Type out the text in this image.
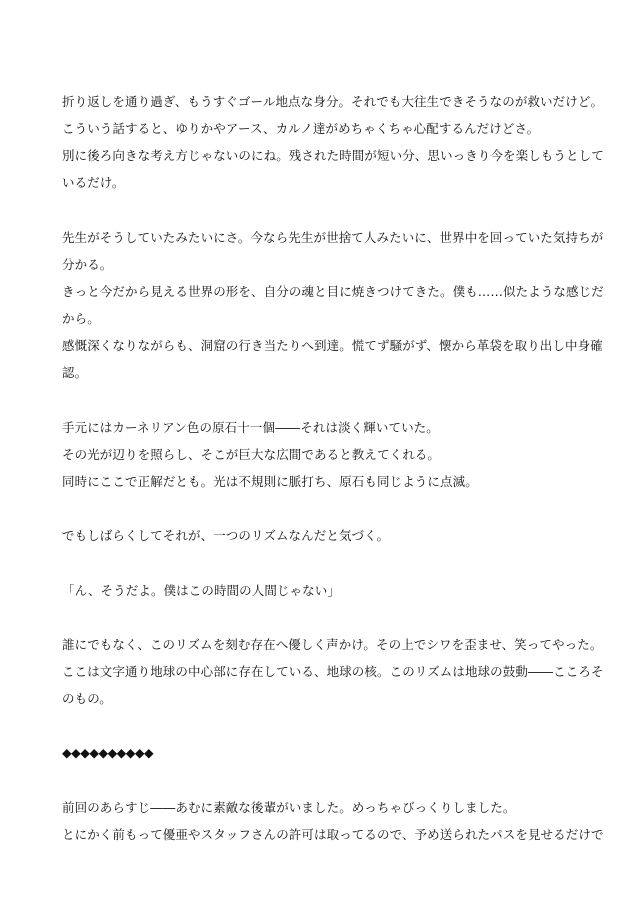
折り返しを通り過ぎ、もうすぐゴール地点な身分。それでも大往生できそうなのが救いだけど。
こういう話すると、ゆりかやアース、カルノ達がめちゃくちゃ心配するんだけどさ。
別に後ろ向きな考え方じゃないのにね。残された時間が短い分、思いっきり今を楽しもうとして
いるだけ。
先生がそうしていたみたいにさ。今なら先生が世捨て人みたいに、世界中を回っていた気持ちが
分かる。
きっと今だから見える世界の形を、自分の魂と目に焼きつけてきた。僕も……似たような感じだ
から。
感慨深くなりながらも、洞窟の行き当たりへ到達。慌てず騒がず、懐から革袋を取り出し中身確
認。
手元にはカーネリアン色の原石十一個――それは淡く輝いていた。
その光が辺りを照らし、そこが巨大な広間であると教えてくれる。
同時にここで正解だとも。光は不規則に脈打ち、原石も同じように点滅。
でもしばらくしてそれが、一つのリズムなんだと気づく。
「ん、そうだよ。僕はこの時間の人間じゃない」
誰にでもなく、このリズムを刻む存在へ優しく声かけ。その上でシワを歪ませ、笑ってやった。
ここは文字通り地球の中心部に存在している、地球の核。このリズムは地球の鼓動――こころそ
のもの。
◆◆◆◆◆◆◆◆◆◆
前回のあらすじ――あむに素敵な後輩がいました。めっちゃびっくりしました。
とにかく前もって優亜やスタッフさんの許可は取ってるので、予め送られたパスを見せるだけで
